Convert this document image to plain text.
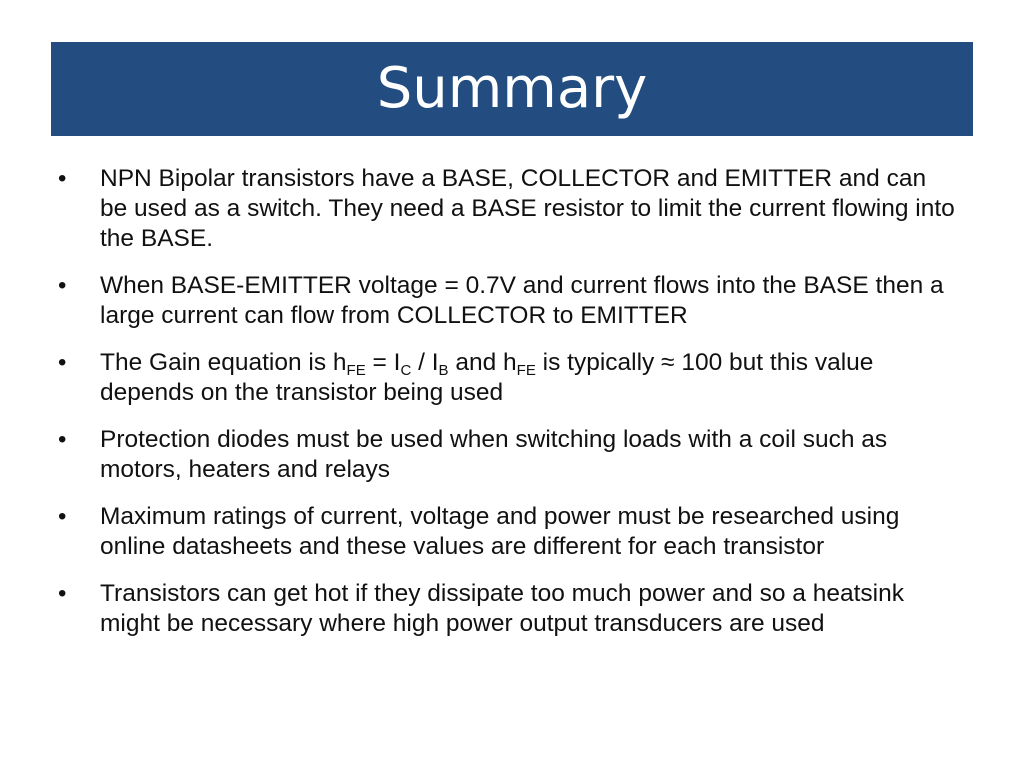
Summary
•	NPN Bipolar transistors have a BASE, COLLECTOR and EMITTER and can be used as a switch. They need a BASE resistor to limit the current flowing into the BASE.
•	When BASE-EMITTER voltage = 0.7V and current flows into the BASE then a large current can flow from COLLECTOR to EMITTER
•	The Gain equation is $h_{FE} = I_C / I_B$ and $h_{FE}$ is typically ≈ 100 but this value depends on the transistor being used
•	Protection diodes must be used when switching loads with a coil such as motors, heaters and relays
•	Maximum ratings of current, voltage and power must be researched using online datasheets and these values are different for each transistor
•	Transistors can get hot if they dissipate too much power and so a heatsink might be necessary where high power output transducers are used
